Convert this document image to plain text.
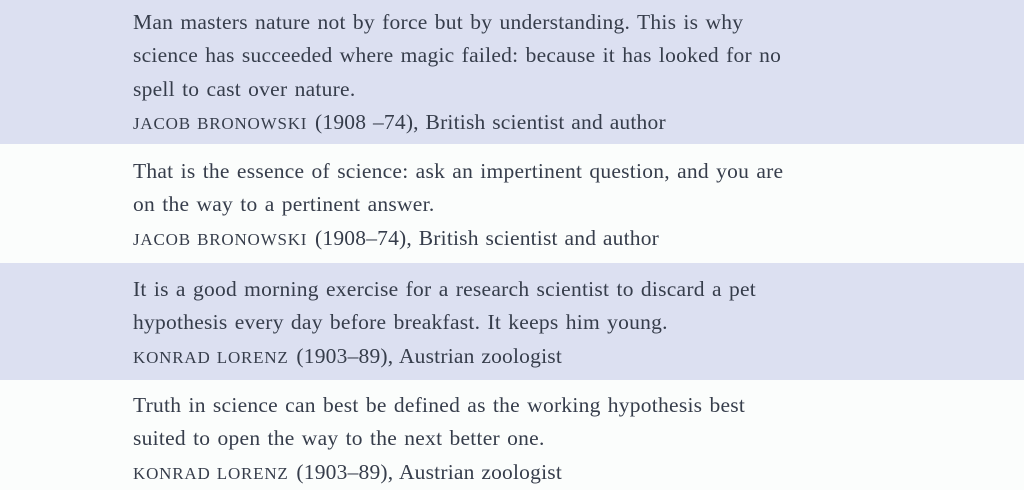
Man masters nature not by force but by understanding. This is why
science has succeeded where magic failed: because it has looked for no
spell to cast over nature.
JACOB BRONOWSKI (1908 –74), British scientist and author
That is the essence of science: ask an impertinent question, and you are
on the way to a pertinent answer.
JACOB BRONOWSKI (1908–74), British scientist and author
It is a good morning exercise for a research scientist to discard a pet
hypothesis every day before breakfast. It keeps him young.
KONRAD LORENZ (1903–89), Austrian zoologist
Truth in science can best be defined as the working hypothesis best
suited to open the way to the next better one.
KONRAD LORENZ (1903–89), Austrian zoologist
